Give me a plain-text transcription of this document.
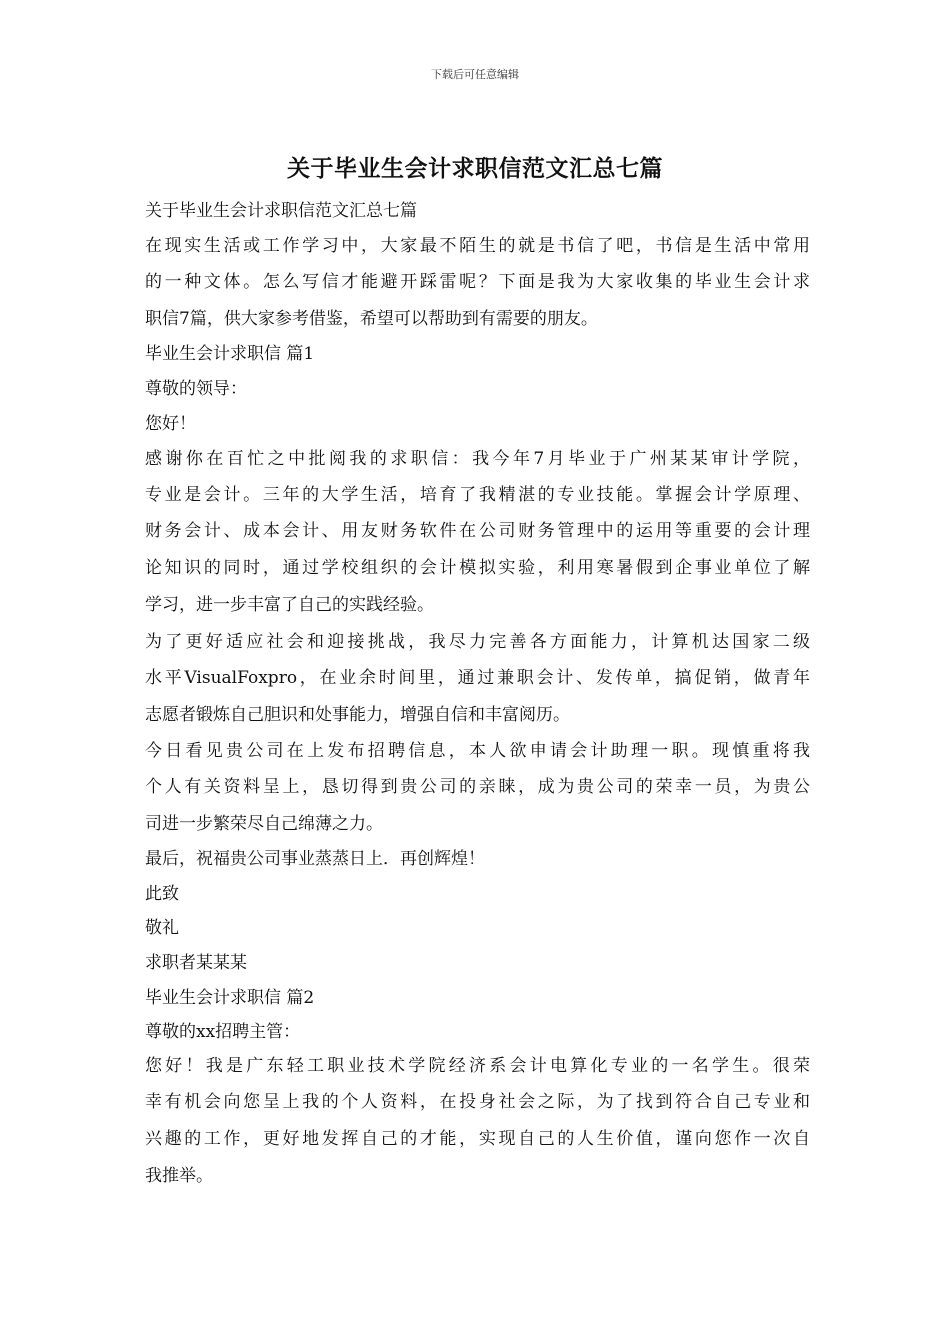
下载后可任意编辑
关于毕业生会计求职信范文汇总七篇
关于毕业生会计求职信范文汇总七篇
在现实生活或工作学习中，大家最不陌生的就是书信了吧，书信是生活中常用
的一种文体。怎么写信才能避开踩雷呢？下面是我为大家收集的毕业生会计求
职信7篇，供大家参考借鉴，希望可以帮助到有需要的朋友。
毕业生会计求职信 篇1
尊敬的领导：
您好！
感谢你在百忙之中批阅我的求职信：我今年7月毕业于广州某某审计学院，
专业是会计。三年的大学生活，培育了我精湛的专业技能。掌握会计学原理、
财务会计、成本会计、用友财务软件在公司财务管理中的运用等重要的会计理
论知识的同时，通过学校组织的会计模拟实验，利用寒暑假到企事业单位了解
学习，进一步丰富了自己的实践经验。
为了更好适应社会和迎接挑战，我尽力完善各方面能力，计算机达国家二级
水平VisualFoxpro，在业余时间里，通过兼职会计、发传单，搞促销，做青年
志愿者锻炼自己胆识和处事能力，增强自信和丰富阅历。
今日看见贵公司在上发布招聘信息，本人欲申请会计助理一职。现慎重将我
个人有关资料呈上，恳切得到贵公司的亲睐，成为贵公司的荣幸一员，为贵公
司进一步繁荣尽自己绵薄之力。
最后，祝福贵公司事业蒸蒸日上．再创辉煌！
此致
敬礼
求职者某某某
毕业生会计求职信 篇2
尊敬的xx招聘主管：
您好！我是广东轻工职业技术学院经济系会计电算化专业的一名学生。很荣
幸有机会向您呈上我的个人资料，在投身社会之际，为了找到符合自己专业和
兴趣的工作，更好地发挥自己的才能，实现自己的人生价值，谨向您作一次自
我推举。
